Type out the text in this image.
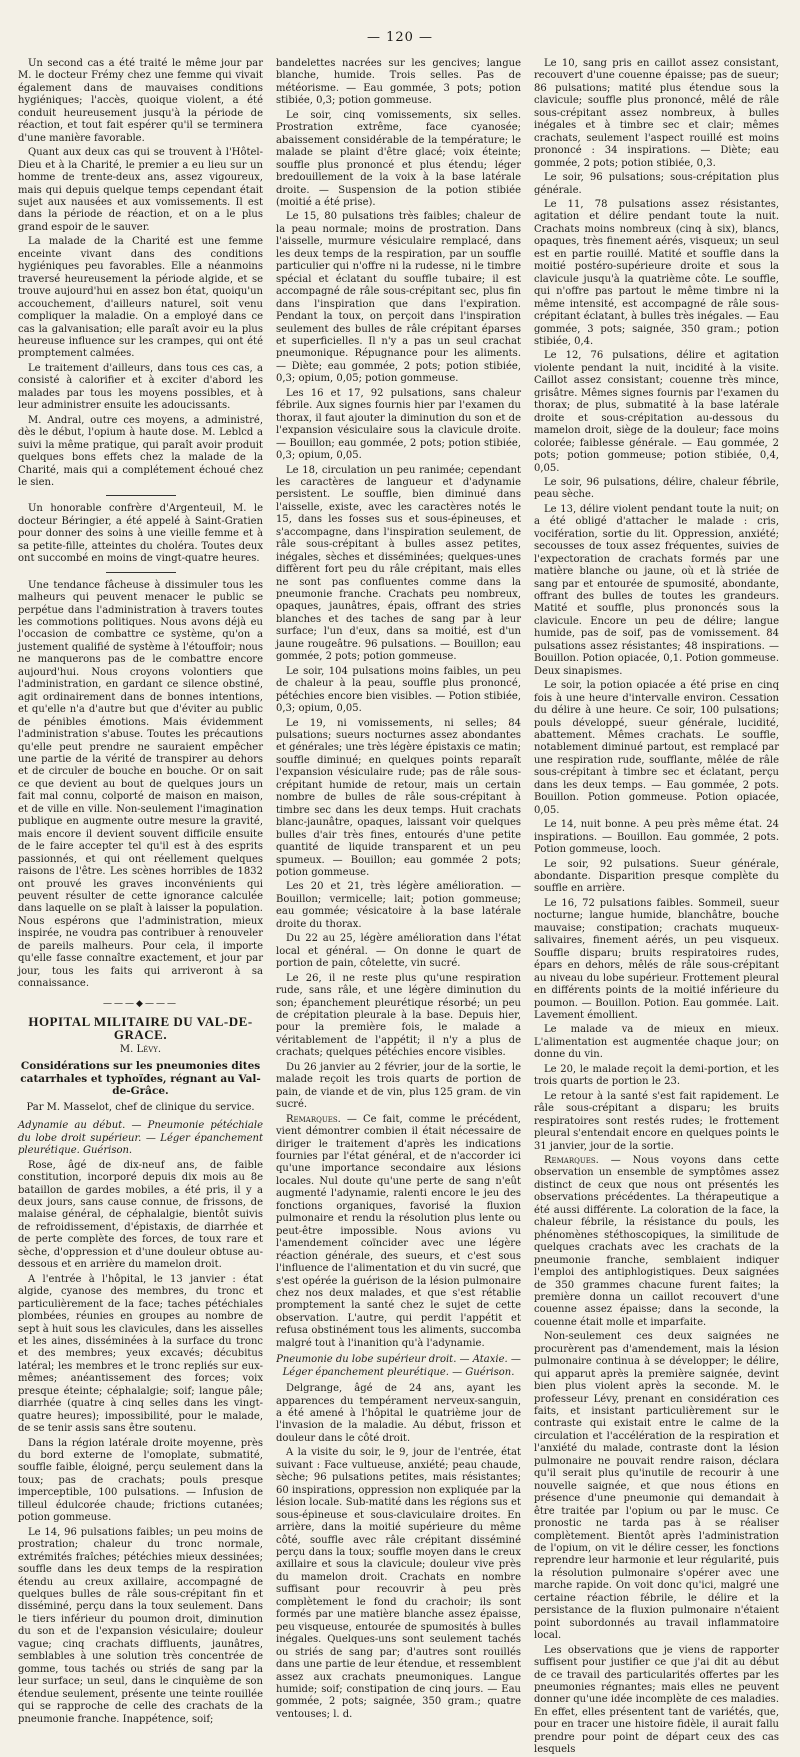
— 120 —

Un second cas a été traité le même jour par M. le docteur Frémy chez une femme qui vivait également dans de mauvaises conditions hygiéniques; l'accès, quoique violent, a été conduit heureusement jusqu'à la période de réaction, et tout fait espérer qu'il se terminera d'une manière favorable.

Quant aux deux cas qui se trouvent à l'Hôtel-Dieu et à la Charité, le premier a eu lieu sur un homme de trente-deux ans, assez vigoureux, mais qui depuis quelque temps cependant était sujet aux nausées et aux vomissements. Il est dans la période de réaction, et on a le plus grand espoir de le sauver.

La malade de la Charité est une femme enceinte vivant dans des conditions hygiéniques peu favorables. Elle a néanmoins traversé heureusement la période algide, et se trouve aujourd'hui en assez bon état, quoiqu'un accouchement, d'ailleurs naturel, soit venu compliquer la maladie. On a employé dans ce cas la galvanisation; elle paraît avoir eu la plus heureuse influence sur les crampes, qui ont été promptement calmées.

Le traitement d'ailleurs, dans tous ces cas, a consisté à calorifier et à exciter d'abord les malades par tous les moyens possibles, et à leur administrer ensuite les adoucissants.

M. Andral, outre ces moyens, a administré, dès le début, l'opium à haute dose. M. Leblcd a suivi la même pratique, qui paraît avoir produit quelques bons effets chez la malade de la Charité, mais qui a complétement échoué chez le sien.

Un honorable confrère d'Argenteuil, M. le docteur Béringier, a été appelé à Saint-Gratien pour donner des soins à une vieille femme et à sa petite-fille, atteintes du choléra. Toutes deux ont succombé en moins de vingt-quatre heures.

Une tendance fâcheuse à dissimuler tous les malheurs qui peuvent menacer le public se perpétue dans l'administration à travers toutes les commotions politiques. Nous avons déjà eu l'occasion de combattre ce système, qu'on a justement qualifié de système à l'étouffoir; nous ne manquerons pas de le combattre encore aujourd'hui. Nous croyons volontiers que l'administration, en gardant ce silence obstiné, agit ordinairement dans de bonnes intentions, et qu'elle n'a d'autre but que d'éviter au public de pénibles émotions. Mais évidemment l'administration s'abuse. Toutes les précautions qu'elle peut prendre ne sauraient empêcher une partie de la vérité de transpirer au dehors et de circuler de bouche en bouche. Or on sait ce que devient au bout de quelques jours un fait mal connu, colporté de maison en maison, et de ville en ville. Non-seulement l'imagination publique en augmente outre mesure la gravité, mais encore il devient souvent difficile ensuite de le faire accepter tel qu'il est à des esprits passionnés, et qui ont réellement quelques raisons de l'être. Les scènes horribles de 1832 ont prouvé les graves inconvénients qui peuvent résulter de cette ignorance calculée dans laquelle on se plaît à laisser la population. Nous espérons que l'administration, mieux inspirée, ne voudra pas contribuer à renouveler de pareils malheurs. Pour cela, il importe qu'elle fasse connaître exactement, et jour par jour, tous les faits qui arriveront à sa connaissance.

———◆———
HOPITAL MILITAIRE DU VAL-DE-GRACE.
M. Lévy.
Considérations sur les pneumonies dites catarrhales et typhoïdes, régnant au Val-de-Grâce.
Par M. Masselot, chef de clinique du service.

Adynamie au début. — Pneumonie pétéchiale du lobe droit supérieur. — Léger épanchement pleurétique. Guérison.

Rose, âgé de dix-neuf ans, de faible constitution, incorporé depuis dix mois au 8e bataillon de gardes mobiles, a été pris, il y a deux jours, sans cause connue, de frissons, de malaise général, de céphalalgie, bientôt suivis de refroidissement, d'épistaxis, de diarrhée et de perte complète des forces, de toux rare et sèche, d'oppression et d'une douleur obtuse au-dessous et en arrière du mamelon droit.

A l'entrée à l'hôpital, le 13 janvier : état algide, cyanose des membres, du tronc et particulièrement de la face; taches pétéchiales plombées, réunies en groupes au nombre de sept à huit sous les clavicules, dans les aisselles et les aines, disséminées à la surface du tronc et des membres; yeux excavés; décubitus latéral; les membres et le tronc repliés sur eux-mêmes; anéantissement des forces; voix presque éteinte; céphalalgie; soif; langue pâle; diarrhée (quatre à cinq selles dans les vingt-quatre heures); impossibilité, pour le malade, de se tenir assis sans être soutenu.

Dans la région latérale droite moyenne, près du bord externe de l'omoplate, submatité, souffle faible, éloigné, perçu seulement dans la toux; pas de crachats; pouls presque imperceptible, 100 pulsations. — Infusion de tilleul édulcorée chaude; frictions cutanées; potion gommeuse.

Le 14, 96 pulsations faibles; un peu moins de prostration; chaleur du tronc normale, extrémités fraîches; pétéchies mieux dessinées; souffle dans les deux temps de la respiration étendu au creux axillaire, accompagné de quelques bulles de râle sous-crépitant fin et disséminé, perçu dans la toux seulement. Dans le tiers inférieur du poumon droit, diminution du son et de l'expansion vésiculaire; douleur vague; cinq crachats diffluents, jaunâtres, semblables à une solution très concentrée de gomme, tous tachés ou striés de sang par la leur surface; un seul, dans le cinquième de son étendue seulement, présente une teinte rouillée qui se rapproche de celle des crachats de la pneumonie franche. Inappétence, soif;

bandelettes nacrées sur les gencives; langue blanche, humide. Trois selles. Pas de météorisme. — Eau gommée, 3 pots; potion stibiée, 0,3; potion gommeuse.

Le soir, cinq vomissements, six selles. Prostration extrême, face cyanosée; abaissement considérable de la température; le malade se plaint d'être glacé; voix éteinte; souffle plus prononcé et plus étendu; léger bredouillement de la voix à la base latérale droite. — Suspension de la potion stibiée (moitié a été prise).

Le 15, 80 pulsations très faibles; chaleur de la peau normale; moins de prostration. Dans l'aisselle, murmure vésiculaire remplacé, dans les deux temps de la respiration, par un souffle particulier qui n'offre ni la rudesse, ni le timbre spécial et éclatant du souffle tubaire; il est accompagné de râle sous-crépitant sec, plus fin dans l'inspiration que dans l'expiration. Pendant la toux, on perçoit dans l'inspiration seulement des bulles de râle crépitant éparses et superficielles. Il n'y a pas un seul crachat pneumonique. Répugnance pour les aliments. — Diète; eau gommée, 2 pots; potion stibiée, 0,3; opium, 0,05; potion gommeuse.

Les 16 et 17, 92 pulsations, sans chaleur fébrile. Aux signes fournis hier par l'examen du thorax, il faut ajouter la diminution du son et de l'expansion vésiculaire sous la clavicule droite. — Bouillon; eau gommée, 2 pots; potion stibiée, 0,3; opium, 0,05.

Le 18, circulation un peu ranimée; cependant les caractères de langueur et d'adynamie persistent. Le souffle, bien diminué dans l'aisselle, existe, avec les caractères notés le 15, dans les fosses sus et sous-épineuses, et s'accompagne, dans l'inspiration seulement, de râle sous-crépitant à bulles assez petites, inégales, sèches et disséminées; quelques-unes diffèrent fort peu du râle crépitant, mais elles ne sont pas confluentes comme dans la pneumonie franche. Crachats peu nombreux, opaques, jaunâtres, épais, offrant des stries blanches et des taches de sang par à leur surface; l'un d'eux, dans sa moitié, est d'un jaune rougeâtre. 96 pulsations. — Bouillon; eau gommée, 2 pots; potion gommeuse.

Le soir, 104 pulsations moins faibles, un peu de chaleur à la peau, souffle plus prononcé, pétéchies encore bien visibles. — Potion stibiée, 0,3; opium, 0,05.

Le 19, ni vomissements, ni selles; 84 pulsations; sueurs nocturnes assez abondantes et générales; une très légère épistaxis ce matin; souffle diminué; en quelques points reparaît l'expansion vésiculaire rude; pas de râle sous-crépitant humide de retour, mais un certain nombre de bulles de râle sous-crépitant à timbre sec dans les deux temps. Huit crachats blanc-jaunâtre, opaques, laissant voir quelques bulles d'air très fines, entourés d'une petite quantité de liquide transparent et un peu spumeux. — Bouillon; eau gommée 2 pots; potion gommeuse.

Les 20 et 21, très légère amélioration. — Bouillon; vermicelle; lait; potion gommeuse; eau gommée; vésicatoire à la base latérale droite du thorax.

Du 22 au 25, légère amélioration dans l'état local et général. — On donne le quart de portion de pain, côtelette, vin sucré.

Le 26, il ne reste plus qu'une respiration rude, sans râle, et une légère diminution du son; épanchement pleurétique résorbé; un peu de crépitation pleurale à la base. Depuis hier, pour la première fois, le malade a véritablement de l'appétit; il n'y a plus de crachats; quelques pétéchies encore visibles.

Du 26 janvier au 2 février, jour de la sortie, le malade reçoit les trois quarts de portion de pain, de viande et de vin, plus 125 gram. de vin sucré.

Remarques. — Ce fait, comme le précédent, vient démontrer combien il était nécessaire de diriger le traitement d'après les indications fournies par l'état général, et de n'accorder ici qu'une importance secondaire aux lésions locales. Nul doute qu'une perte de sang n'eût augmenté l'adynamie, ralenti encore le jeu des fonctions organiques, favorisé la fluxion pulmonaire et rendu la résolution plus lente ou peut-être impossible. Nous avions vu l'amendement coïncider avec une légère réaction générale, des sueurs, et c'est sous l'influence de l'alimentation et du vin sucré, que s'est opérée la guérison de la lésion pulmonaire chez nos deux malades, et que s'est rétablie promptement la santé chez le sujet de cette observation. L'autre, qui perdit l'appétit et refusa obstinément tous les aliments, succomba malgré tout à l'inanition qu'à l'adynamie.

Pneumonie du lobe supérieur droit. — Ataxie. — Léger épanchement pleurétique. — Guérison.

Delgrange, âgé de 24 ans, ayant les apparences du tempérament nerveux-sanguin, a été amené à l'hôpital le quatrième jour de l'invasion de la maladie. Au début, frisson et douleur dans le côté droit.

A la visite du soir, le 9, jour de l'entrée, état suivant : Face vultueuse, anxiété; peau chaude, sèche; 96 pulsations petites, mais résistantes; 60 inspirations, oppression non expliquée par la lésion locale. Sub-matité dans les régions sus et sous-épineuse et sous-claviculaire droites. En arrière, dans la moitié supérieure du même côté, souffle avec râle crépitant disséminé perçu dans la toux; souffle moyen dans le creux axillaire et sous la clavicule; douleur vive près du mamelon droit. Crachats en nombre suffisant pour recouvrir à peu près complètement le fond du crachoir; ils sont formés par une matière blanche assez épaisse, peu visqueuse, entourée de spumosités à bulles inégales. Quelques-uns sont seulement tachés ou striés de sang par; d'autres sont rouillés dans une partie de leur étendue, et ressemblent assez aux crachats pneumoniques. Langue humide; soif; constipation de cinq jours. — Eau gommée, 2 pots; saignée, 350 gram.; quatre ventouses; l. d.

Le 10, sang pris en caillot assez consistant, recouvert d'une couenne épaisse; pas de sueur; 86 pulsations; matité plus étendue sous la clavicule; souffle plus prononcé, mêlé de râle sous-crépitant assez nombreux, à bulles inégales et à timbre sec et clair; mêmes crachats, seulement l'aspect rouillé est moins prononcé : 34 inspirations. — Diète; eau gommée, 2 pots; potion stibiée, 0,3.

Le soir, 96 pulsations; sous-crépitation plus générale.

Le 11, 78 pulsations assez résistantes, agitation et délire pendant toute la nuit. Crachats moins nombreux (cinq à six), blancs, opaques, très finement aérés, visqueux; un seul est en partie rouillé. Matité et souffle dans la moitié postéro-supérieure droite et sous la clavicule jusqu'à la quatrième côte. Le souffle, qui n'offre pas partout le même timbre ni la même intensité, est accompagné de râle sous-crépitant éclatant, à bulles très inégales. — Eau gommée, 3 pots; saignée, 350 gram.; potion stibiée, 0,4.

Le 12, 76 pulsations, délire et agitation violente pendant la nuit, incidité à la visite. Caillot assez consistant; couenne très mince, grisâtre. Mêmes signes fournis par l'examen du thorax; de plus, submatité à la base latérale droite et sous-crépitation au-dessous du mamelon droit, siège de la douleur; face moins colorée; faiblesse générale. — Eau gommée, 2 pots; potion gommeuse; potion stibiée, 0,4, 0,05.

Le soir, 96 pulsations, délire, chaleur fébrile, peau sèche.

Le 13, délire violent pendant toute la nuit; on a été obligé d'attacher le malade : cris, vocifération, sortie du lit. Oppression, anxiété; secousses de toux assez fréquentes, suivies de l'expectoration de crachats formés par une matière blanche ou jaune, où et là striée de sang par et entourée de spumosité, abondante, offrant des bulles de toutes les grandeurs. Matité et souffle, plus prononcés sous la clavicule. Encore un peu de délire; langue humide, pas de soif, pas de vomissement. 84 pulsations assez résistantes; 48 inspirations. — Bouillon. Potion opiacée, 0,1. Potion gommeuse. Deux sinapismes.

Le soir, la potion opiacée a été prise en cinq fois à une heure d'intervalle environ. Cessation du délire à une heure. Ce soir, 100 pulsations; pouls développé, sueur générale, lucidité, abattement. Mêmes crachats. Le souffle, notablement diminué partout, est remplacé par une respiration rude, soufflante, mêlée de râle sous-crépitant à timbre sec et éclatant, perçu dans les deux temps. — Eau gommée, 2 pots. Bouillon. Potion gommeuse. Potion opiacée, 0,05.

Le 14, nuit bonne. A peu près même état. 24 inspirations. — Bouillon. Eau gommée, 2 pots. Potion gommeuse, looch.

Le soir, 92 pulsations. Sueur générale, abondante. Disparition presque complète du souffle en arrière.

Le 16, 72 pulsations faibles. Sommeil, sueur nocturne; langue humide, blanchâtre, bouche mauvaise; constipation; crachats muqueux-salivaires, finement aérés, un peu visqueux. Souffle disparu; bruits respiratoires rudes, épars en dehors, mêlés de râle sous-crépitant au niveau du lobe supérieur. Frottement pleural en différents points de la moitié inférieure du poumon. — Bouillon. Potion. Eau gommée. Lait. Lavement émollient.

Le malade va de mieux en mieux. L'alimentation est augmentée chaque jour; on donne du vin.

Le 20, le malade reçoit la demi-portion, et les trois quarts de portion le 23.

Le retour à la santé s'est fait rapidement. Le râle sous-crépitant a disparu; les bruits respiratoires sont restés rudes; le frottement pleural s'entendait encore en quelques points le 31 janvier, jour de la sortie.

Remarques. — Nous voyons dans cette observation un ensemble de symptômes assez distinct de ceux que nous ont présentés les observations précédentes. La thérapeutique a été aussi différente. La coloration de la face, la chaleur fébrile, la résistance du pouls, les phénomènes stéthoscopiques, la similitude de quelques crachats avec les crachats de la pneumonie franche, semblaient indiquer l'emploi des antiphlogistiques. Deux saignées de 350 grammes chacune furent faites; la première donna un caillot recouvert d'une couenne assez épaisse; dans la seconde, la couenne était molle et imparfaite.

Non-seulement ces deux saignées ne procurèrent pas d'amendement, mais la lésion pulmonaire continua à se développer; le délire, qui apparut après la première saignée, devint bien plus violent après la seconde. M. le professeur Lévy, prenant en considération ces faits, et insistant particulièrement sur le contraste qui existait entre le calme de la circulation et l'accélération de la respiration et l'anxiété du malade, contraste dont la lésion pulmonaire ne pouvait rendre raison, déclara qu'il serait plus qu'inutile de recourir à une nouvelle saignée, et que nous étions en présence d'une pneumonie qui demandait à être traitée par l'opium ou par le musc. Ce pronostic ne tarda pas à se réaliser complètement. Bientôt après l'administration de l'opium, on vit le délire cesser, les fonctions reprendre leur harmonie et leur régularité, puis la résolution pulmonaire s'opérer avec une marche rapide. On voit donc qu'ici, malgré une certaine réaction fébrile, le délire et la persistance de la fluxion pulmonaire n'étaient point subordonnés au travail inflammatoire local.

Les observations que je viens de rapporter suffisent pour justifier ce que j'ai dit au début de ce travail des particularités offertes par les pneumonies régnantes; mais elles ne peuvent donner qu'une idée incomplète de ces maladies. En effet, elles présentent tant de variétés, que, pour en tracer une histoire fidèle, il aurait fallu prendre pour point de départ ceux des cas lesquels
